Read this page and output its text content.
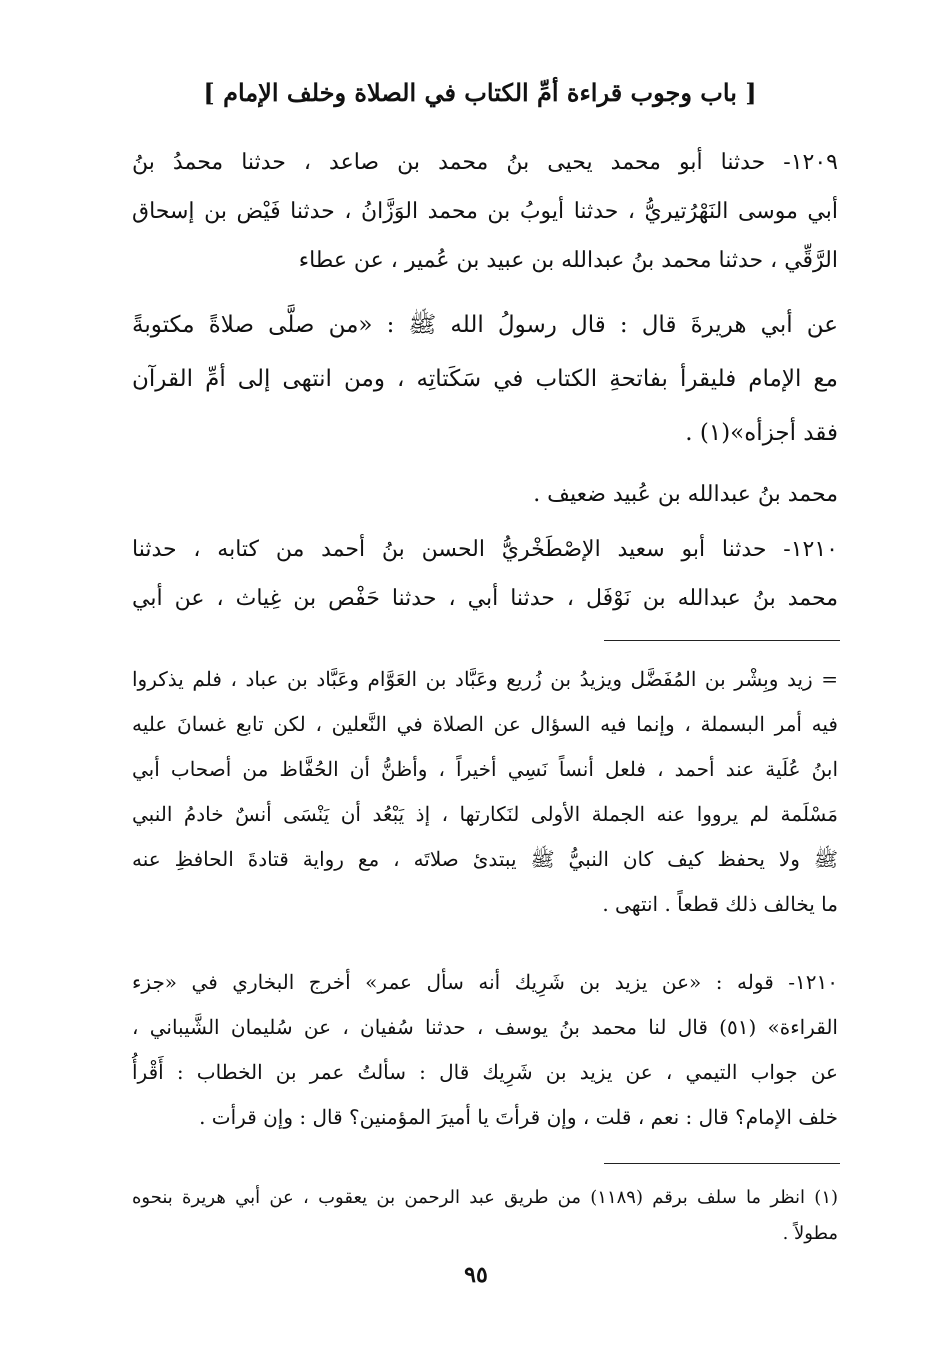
[ باب وجوب قراءة أمِّ الكتاب في الصلاة وخلف الإمام ]
١٢٠٩- حدثنا أبو محمد يحيى بنُ محمد بن صاعد ، حدثنا محمدُ بنُ
أبي موسى النَهْرُتيريُّ ، حدثنا أيوبُ بن محمد الوَزَّانُ ، حدثنا فَيْض بن إسحاق
الرَّقِّي ، حدثنا محمد بنُ عبدالله بن عبيد بن عُمير ، عن عطاء
عن أبي هريرةَ قال : قال رسولُ الله ﷺ : «من صلَّى صلاةً مكتوبةً
مع الإمام فليقرأ بفاتحةِ الكتاب في سَكَتاتِه ، ومن انتهى إلى أمِّ القرآن
فقد أجزأه»(١) .
محمد بنُ عبدالله بن عُبيد ضعيف .
١٢١٠- حدثنا أبو سعيد الإصْطَخْريُّ الحسن بنُ أحمد من كتابه ، حدثنا
محمد بنُ عبدالله بن نَوْفَل ، حدثنا أبي ، حدثنا حَفْص بن غِياث ، عن أبي
= زيد وبِشْر بن المُفَضَّل ويزيدُ بن زُريع وعَبَّاد بن العَوَّام وعَبَّاد بن عباد ، فلم يذكروا
فيه أمر البسملة ، وإنما فيه السؤال عن الصلاة في النَّعلين ، لكن تابع غسانَ عليه
ابنُ عُلَية عند أحمد ، فلعل أنساً نَسِي أخيراً ، وأظنُّ أن الحُفَّاظ من أصحاب أبي
مَسْلَمة لم يرووا عنه الجملة الأولى لنَكارتها ، إذ يَبْعُد أن يَنْسَى أنسٌ خادمُ النبي
ﷺ ولا يحفظ كيف كان النبيُّ ﷺ يبتدئ صلاتَه ، مع رواية قتادةَ الحافظِ عنه
ما يخالف ذلك قطعاً . انتهى .
١٢١٠- قوله : «عن يزيد بن شَرِيك أنه سأل عمر» أخرج البخاري في «جزء
القراءة» (٥١) قال لنا محمد بنُ يوسف ، حدثنا سُفيان ، عن سُليمان الشَّيباني ،
عن جواب التيمي ، عن يزيد بن شَرِيك قال : سألتُ عمر بن الخطاب : أَقْرأُ
خلف الإمام؟ قال : نعم ، قلت ، وإن قرأتَ يا أميرَ المؤمنين؟ قال : وإن قرأت .
(١) انظر ما سلف برقم (١١٨٩) من طريق عبد الرحمن بن يعقوب ، عن أبي هريرة بنحوه
مطولاً .
٩٥
